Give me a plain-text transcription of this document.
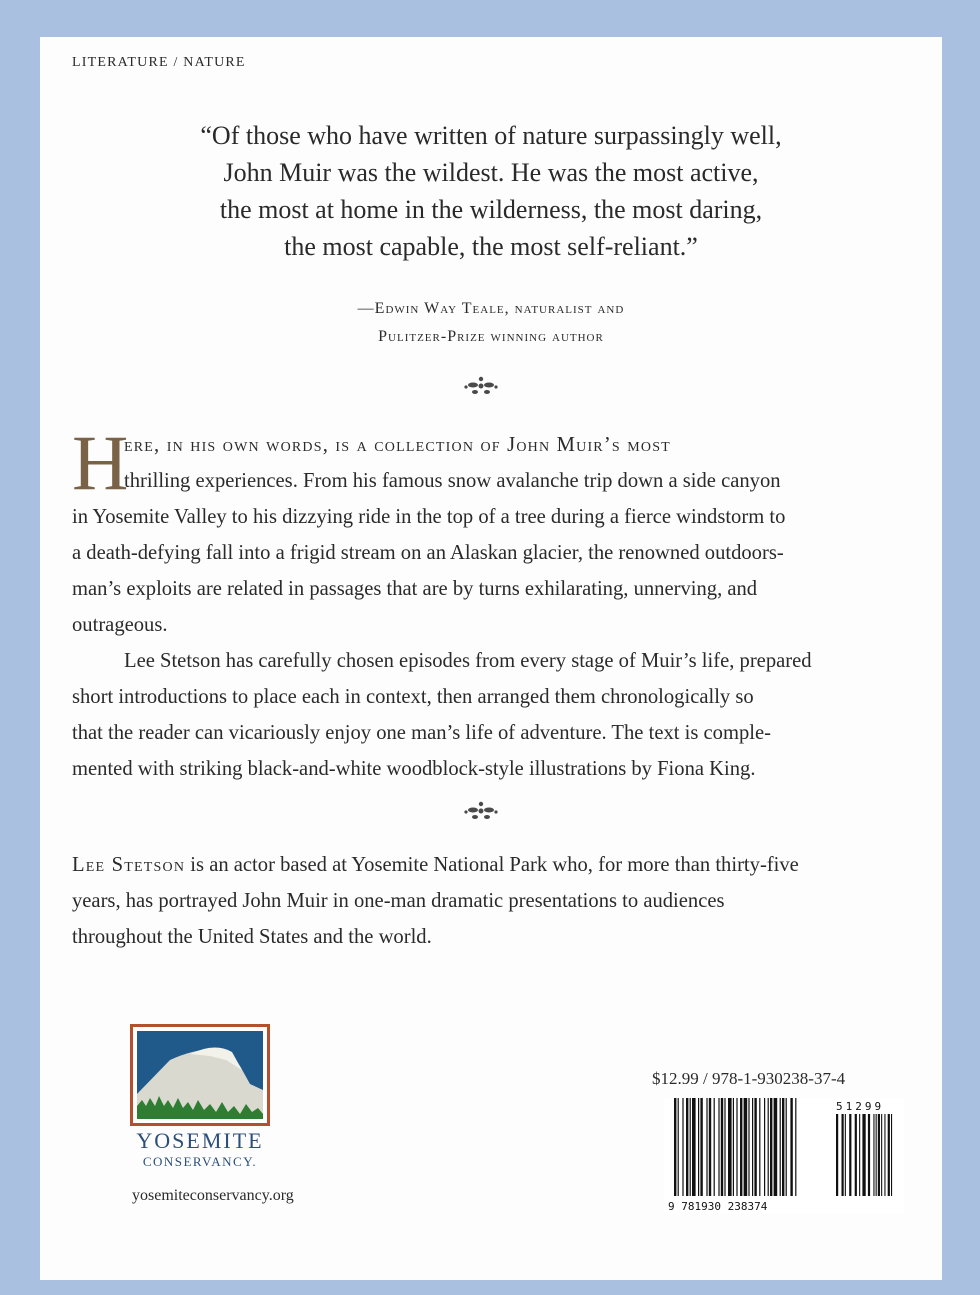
LITERATURE / NATURE
“Of those who have written of nature surpassingly well,
John Muir was the wildest. He was the most active,
the most at home in the wilderness, the most daring,
the most capable, the most self-reliant.”
—Edwin Way Teale, naturalist and
Pulitzer-Prize winning author
H
ere, in his own words, is a collection of John Muir’s most
thrilling experiences. From his famous snow avalanche trip down a side canyon
in Yosemite Valley to his dizzying ride in the top of a tree during a fierce windstorm to
a death-defying fall into a frigid stream on an Alaskan glacier, the renowned outdoors-
man’s exploits are related in passages that are by turns exhilarating, unnerving, and
outrageous.
Lee Stetson has carefully chosen episodes from every stage of Muir’s life, prepared
short introductions to place each in context, then arranged them chronologically so
that the reader can vicariously enjoy one man’s life of adventure. The text is comple-
mented with striking black-and-white woodblock-style illustrations by Fiona King.
Lee Stetson is an actor based at Yosemite National Park who, for more than thirty-five
years, has portrayed John Muir in one-man dramatic presentations to audiences
throughout the United States and the world.
YOSEMITE
CONSERVANCY.
yosemiteconservancy.org
$12.99 / 978-1-930238-37-4
9 781930 238374
51299
